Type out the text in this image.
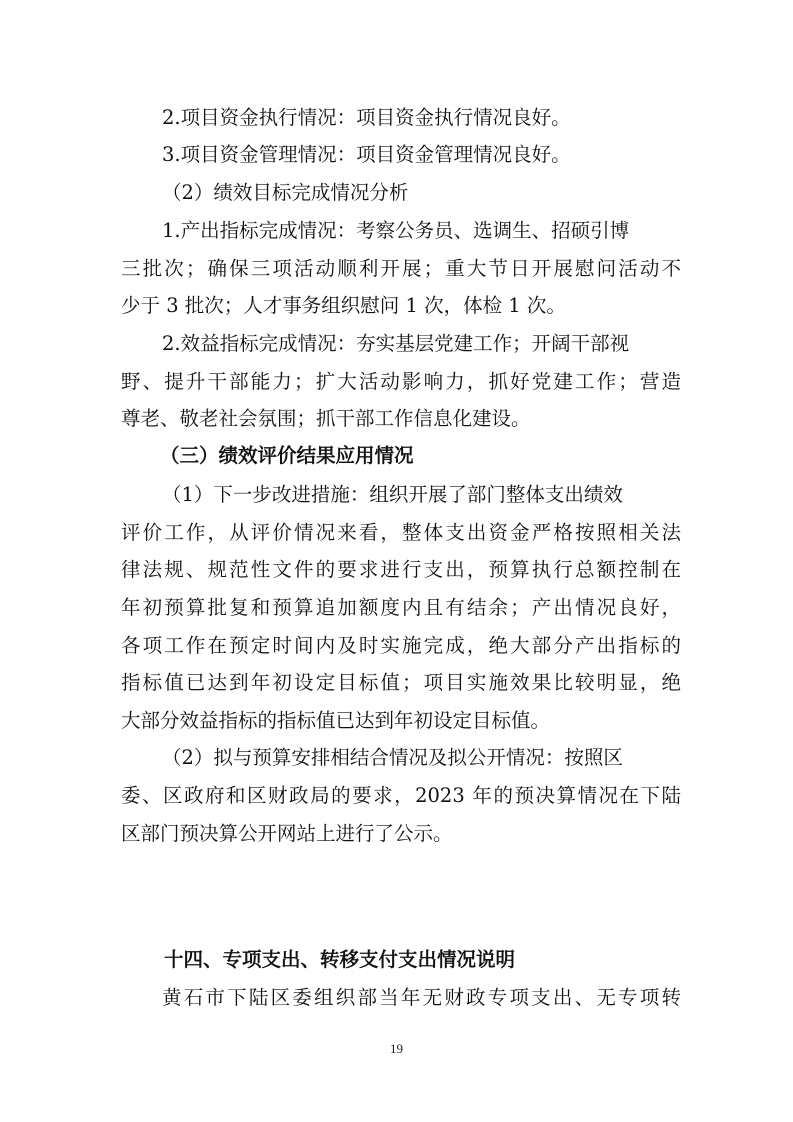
2.项目资金执行情况：项目资金执行情况良好。
3.项目资金管理情况：项目资金管理情况良好。
（2）绩效目标完成情况分析
1.产出指标完成情况：考察公务员、选调生、招硕引博
三批次；确保三项活动顺利开展；重大节日开展慰问活动不
少于 3 批次；人才事务组织慰问 1 次，体检 1 次。
2.效益指标完成情况：夯实基层党建工作；开阔干部视
野、提升干部能力；扩大活动影响力，抓好党建工作；营造
尊老、敬老社会氛围；抓干部工作信息化建设。
（三）绩效评价结果应用情况
（1）下一步改进措施：组织开展了部门整体支出绩效
评价工作，从评价情况来看，整体支出资金严格按照相关法
律法规、规范性文件的要求进行支出，预算执行总额控制在
年初预算批复和预算追加额度内且有结余；产出情况良好，
各项工作在预定时间内及时实施完成，绝大部分产出指标的
指标值已达到年初设定目标值；项目实施效果比较明显，绝
大部分效益指标的指标值已达到年初设定目标值。
（2）拟与预算安排相结合情况及拟公开情况：按照区
委、区政府和区财政局的要求，2023 年的预决算情况在下陆
区部门预决算公开网站上进行了公示。
十四、专项支出、转移支付支出情况说明
黄石市下陆区委组织部当年无财政专项支出、无专项转
19
